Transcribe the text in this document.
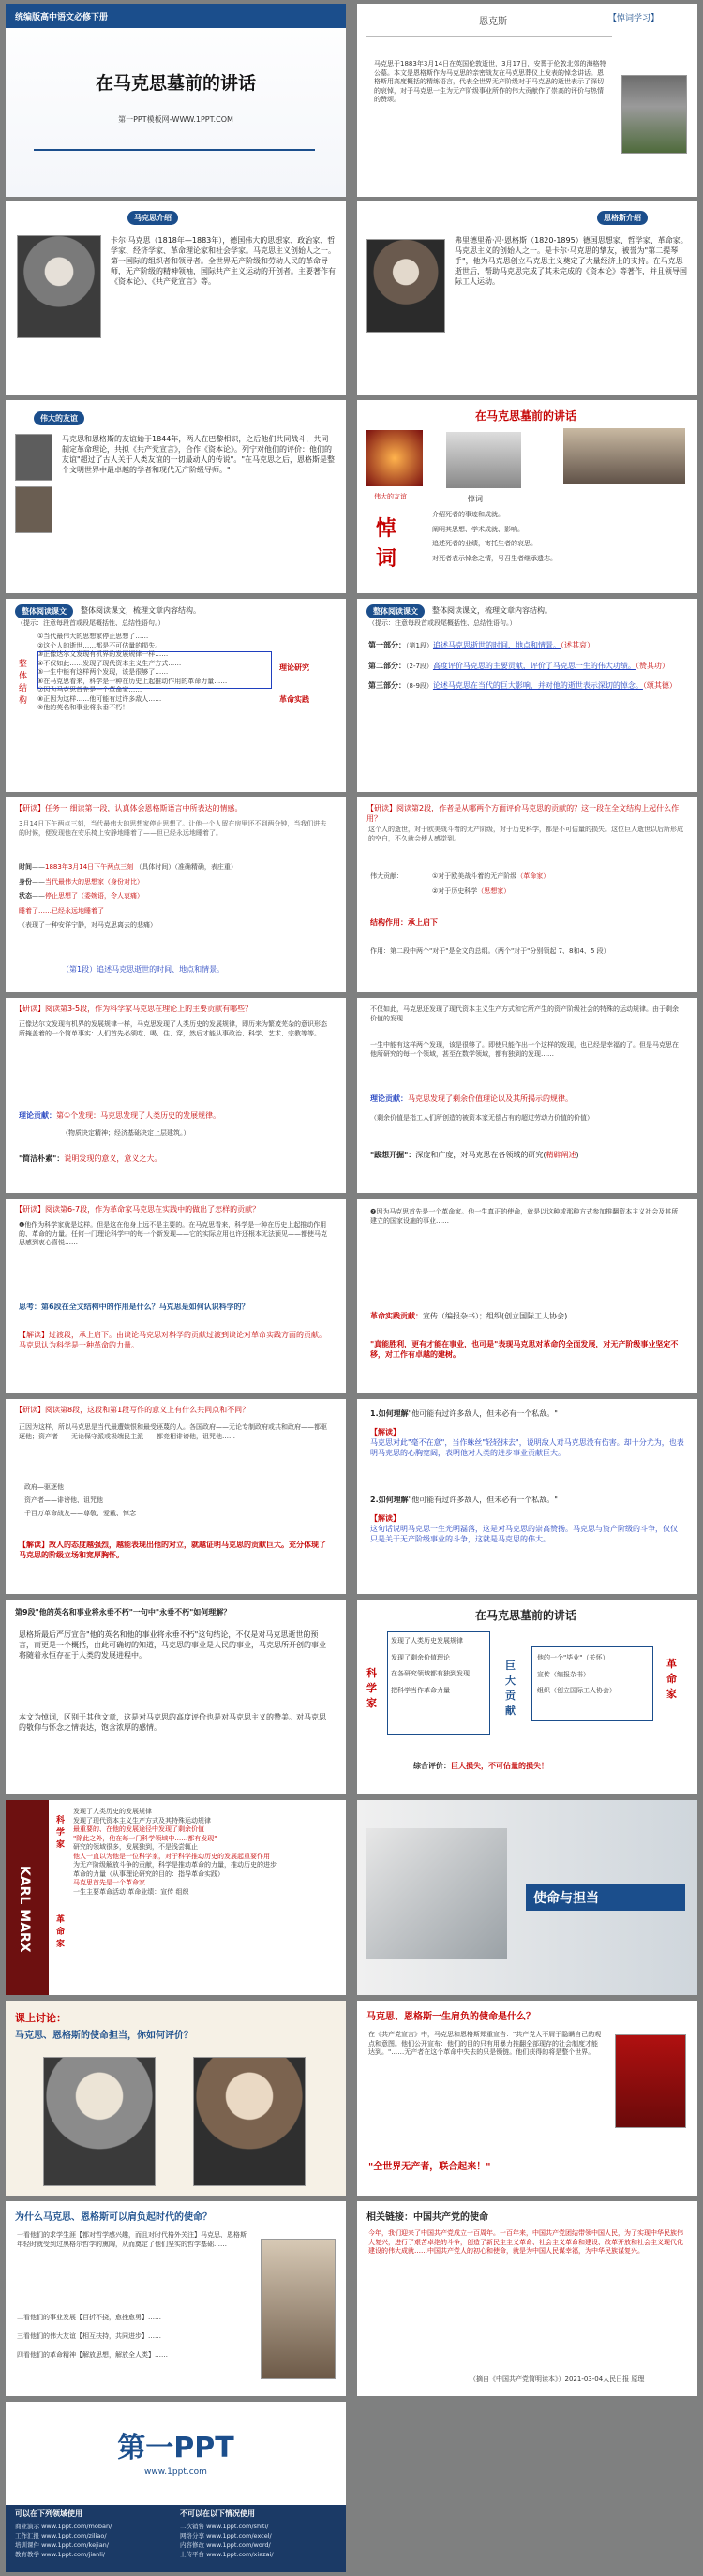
统编版高中语文必修下册
在马克思墓前的讲话
第一PPT模板网-WWW.1PPT.COM
恩克斯	【悼词学习】
马克思于1883年3月14日在英国伦敦逝世，3月17日，安葬于伦敦北郊的海格特公墓。本文是恩格斯作为马克思的亲密战友在马克思葬仪上发表的悼念讲话。恩格斯用高度概括的精练语言，代表全世界无产阶级对于马克思的逝世表示了深切的哀悼，对于马克思一生为无产阶级事业所作的伟大贡献作了崇高的评价与热情的赞颂。
马克思介绍
卡尔·马克思（1818年—1883年），德国伟大的思想家、政治家、哲学家、经济学家、革命理论家和社会学家。马克思主义创始人之一。第一国际的组织者和领导者。全世界无产阶级和劳动人民的革命导师，无产阶级的精神领袖，国际共产主义运动的开创者。主要著作有《资本论》、《共产党宣言》等。
恩格斯介绍
弗里德里希·冯·恩格斯（1820-1895）德国思想家、哲学家、革命家。马克思主义的创始人之一。是卡尔·马克思的挚友，被誉为"第二提琴手"，他为马克思创立马克思主义奠定了大量经济上的支持。在马克思逝世后，帮助马克思完成了其未完成的《资本论》等著作，并且领导国际工人运动。
伟大的友谊
马克思和恩格斯的友谊始于1844年，两人在巴黎相识，之后他们共同战斗，共同制定革命理论，共拟《共产党宣言》，合作《资本论》。列宁对他们的评价：他们的友谊"超过了古人关于人类友谊的一切最动人的传说"。"在马克思之后，恩格斯是整个文明世界中最卓越的学者和现代无产阶级导师。"
在马克思墓前的讲话
悼词
伟大的友谊
悼
词
介绍死者的事迹和成就。
阐明其思想、学术成就、影响。
追述死者的业绩，寄托生者的哀思。
对死者表示悼念之情，号召生者继承遗志。
整体阅读课文	整体阅读课文，梳理文章内容结构。
（提示：注意每段首或段尾概括性、总结性语句。）
整体结构
①当代最伟大的思想家停止思想了……
②这个人的逝世……都是不可估量的损失。
③正像达尔文发现有机界的发展规律一样……
④不仅如此……发现了现代资本主义生产方式……
⑤一生中能有这样两个发现，该是很够了……
⑥在马克思看来，科学是一种在历史上起推动作用的革命力量……
⑦因为马克思首先是一个革命家……
⑧正因为这样……他可能有过许多敌人……
⑨他的英名和事业将永垂不朽！
理论研究
革命实践
整体阅读课文	整体阅读课文，梳理文章内容结构。
（提示：注意每段首或段尾概括性、总结性语句。）
第一部分：（第1段）追述马克思逝世的时间、地点和情景。（述其哀）
第二部分：（2-7段）高度评价马克思的主要贡献，评价了马克思一生的伟大功绩。（赞其功）
第三部分：（8-9段）论述马克思在当代的巨大影响，并对他的逝世表示深切的悼念。（颂其德）
【研读】任务一 细读第一段，认真体会恩格斯语言中所表达的情感。
3月14日下午两点三刻，当代最伟大的思想家停止思想了。让他一个人留在房里还不到两分钟，当我们进去的时候，便发现他在安乐椅上安静地睡着了——但已经永远地睡着了。
时间——1883年3月14日下午两点三刻 （具体时间）（准确精确，表庄重）
身份——当代最伟大的思想家（身份对比）
状态——停止思想了（委婉语，令人哀痛）
睡着了……已经永远地睡着了
（表现了一种安详宁静，对马克思离去的悲痛）
（第1段）追述马克思逝世的时间、地点和情景。
【研读】阅读第2段，作者是从哪两个方面评价马克思的贡献的？这一段在全文结构上起什么作用？
这个人的逝世，对于欧美战斗着的无产阶级，对于历史科学，都是不可估量的损失。这位巨人逝世以后所形成的空白，不久就会使人感觉到。
伟大贡献：	①对于欧美战斗着的无产阶级（革命家）
②对于历史科学（思想家）
结构作用：承上启下
作用：第二段中两个"对于"是全文的总纲。（两个"对于"分别领起 7、8和4、5 段）
【研读】阅读第3-5段，作为科学家马克思在理论上的主要贡献有哪些？
正像达尔文发现有机界的发展规律一样，马克思发现了人类历史的发展规律，即历来为繁茂芜杂的意识形态所掩盖着的一个简单事实：人们首先必须吃、喝、住、穿，然后才能从事政治、科学、艺术、宗教等等。
理论贡献：第①个发现：马克思发现了人类历史的发展规律。
（物质决定精神；经济基础决定上层建筑。）
"简洁朴素"：说明发现的意义，意义之大。
不仅如此，马克思还发现了现代资本主义生产方式和它所产生的资产阶级社会的特殊的运动规律。由于剩余价值的发现……
一生中能有这样两个发现，该是很够了。即使只能作出一个这样的发现，也已经是幸福的了。但是马克思在他所研究的每一个领域，甚至在数学领域，都有独到的发现……
理论贡献：马克思发现了剩余价值理论以及其所揭示的规律。
（剩余价值是指工人们所创造的被资本家无偿占有的超过劳动力价值的价值）
"跋想开掘"：深度和广度，对马克思在各领域的研究(精辟阐述)
【研读】阅读第6-7段，作为革命家马克思在实践中的做出了怎样的贡献？
❹他作为科学家就是这样。但是这在他身上远不是主要的。在马克思看来，科学是一种在历史上起推动作用的、革命的力量。任何一门理论科学中的每一个新发现——它的实际应用也许还根本无法预见——都使马克思感到衷心喜悦……
思考：第6段在全文结构中的作用是什么？马克思是如何认识科学的？
【解读】过渡段，承上启下。由谈论马克思对科学的贡献过渡到谈论对革命实践方面的贡献。马克思认为科学是一种革命的力量。
❼因为马克思首先是一个革命家。他一生真正的使命，就是以这种或那种方式参加推翻资本主义社会及其所建立的国家设施的事业……
革命实践贡献：宣传（编报杂书）；组织(创立国际工人协会)
"真能胜利，更有才能在事业，也可是"表现马克思对革命的全面发展，对无产阶级事业坚定不移，对工作有卓越的建树。
【研读】阅读第8段，这段和第1段写作的意义上有什么共同点和不同？
正因为这样，所以马克思是当代最遭嫉恨和最受诬蔑的人。各国政府——无论专制政府或共和政府——都驱逐他；资产者——无论保守派或极端民主派——都竞相诽谤他，诅咒他……
政府—驱逐他
资产者——诽谤他、诅咒他
千百万革命战友——尊敬、爱戴、悼念
【解读】敌人的态度越强烈，越能表现出他的对立，就越证明马克思的贡献巨大。充分体现了马克思的阶级立场和宽厚胸怀。
1.如何理解"他可能有过许多敌人，但未必有一个私敌。"
【解读】
马克思对此"毫不在意"，当作蛛丝"轻轻抹去"，说明敌人对马克思没有伤害。却十分尤为，也表明马克思的心胸宽阔，表明他对人类的进步事业贡献巨大。
2.如何理解"他可能有过许多敌人，但未必有一个私敌。"
【解读】
这句话说明马克思一生光明磊落，这是对马克思的崇高赞扬。马克思与资产阶级的斗争，仅仅只是关于无产阶级事业的斗争，这就是马克思的伟大。
第9段"他的英名和事业将永垂不朽"一句中"永垂不朽"如何理解？
恩格斯最后严厉宣告"他的英名和他的事业将永垂不朽"这句结论，不仅是对马克思逝世的预言，而更是一个概括，由此可确切的知道，马克思的事业是人民的事业，马克思所开创的事业将随着永恒存在于人类的发展进程中。
本文为悼词，区别于其他文章，这是对马克思的高度评价也是对马克思主义的赞美。对马克思的敬仰与怀念之情表达，饱含浓厚的感情。
在马克思墓前的讲话
科学家
发现了人类历史发展规律
发现了剩余价值理论
在各研究领域都有独到发现
把科学当作革命力量
巨大贡献
他的一个"毕业"（关怀）
宣传（编报杂书）
组织（创立国际工人协会）
革命家
综合评价：巨大损失，不可估量的损失！
KARL MARX
科学家
革命家
发现了人类历史的发展规律
发现了现代资本主义生产方式及其特殊运动规律
最重要的、在他的发展途径中发现了剩余价值
"除此之外，他在每一门科学领域中……都有发现"
研究的领域很多，发展独到，不是浅尝辄止
他人一直以为他是一位科学家，对于科学推动历史的发展起重要作用
为无产阶级解放斗争的贡献，科学是推动革命的力量，推动历史的进步
革命的力量（从事理论研究的目的：指导革命实践）
马克思首先是一个革命家
一生主要革命活动 革命业绩：宣传 组织	使命与担当
课上讨论：
马克思、恩格斯的使命担当，你如何评价？
马克思、恩格斯一生肩负的使命是什么？
在《共产党宣言》中，马克思和恩格斯郑重宣告："共产党人不屑于隐瞒自己的观点和意图。他们公开宣布：他们的目的只有用暴力推翻全部现存的社会制度才能达到。"……无产者在这个革命中失去的只是锁链。他们获得的将是整个世界。
"全世界无产者，联合起来！"
为什么马克思、恩格斯可以肩负起时代的使命？
一看他们的求学生涯【都对哲学感兴趣，而且对时代格外关注】马克思、恩格斯年轻时就受到过黑格尔哲学的熏陶，从而奠定了他们坚实的哲学基础……
二看他们的事业发展【百折不挠，愈挫愈勇】……
三看他们的伟大友谊【相互扶持，共同进步】……
四看他们的革命精神【解放思想，解放全人类】……
相关链接：中国共产党的使命
今年，我们迎来了中国共产党成立一百周年。一百年来，中国共产党团结带领中国人民，为了实现中华民族伟大复兴，进行了艰苦卓绝的斗争，创造了新民主主义革命、社会主义革命和建设、改革开放和社会主义现代化建设的伟大成就……中国共产党人的初心和使命，就是为中国人民谋幸福，为中华民族谋复兴。
（摘自《中国共产党简明读本》）2021-03-04人民日报 原理
第一PPT
www.1ppt.com
可以在下列领域使用	不可以在以下情况使用
商业演示 www.1ppt.com/moban/
工作汇报 www.1ppt.com/ziliao/
培训课件 www.1ppt.com/kejian/
教育教学 www.1ppt.com/jianli/
二次销售 www.1ppt.com/shiti/
网络分享 www.1ppt.com/excel/
内容修改 www.1ppt.com/word/
上传平台 www.1ppt.com/xiazai/
